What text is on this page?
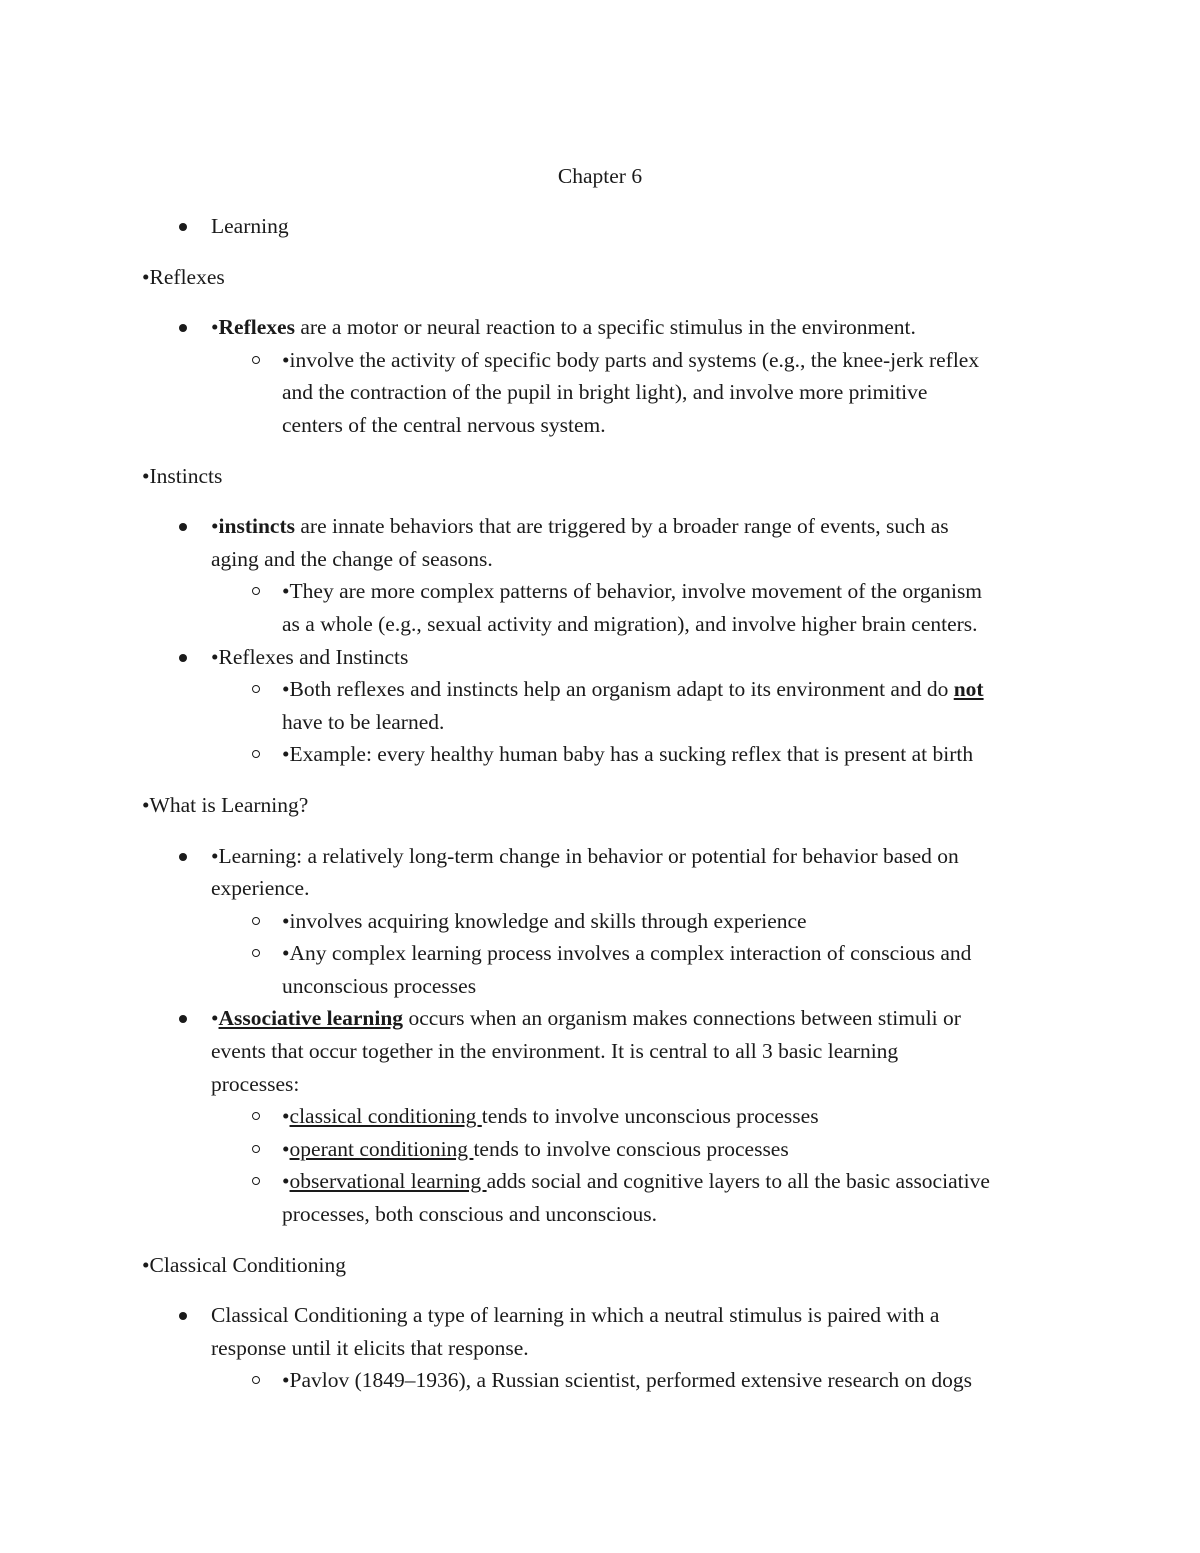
Chapter 6
Learning
•Reflexes
•Reflexes are a motor or neural reaction to a specific stimulus in the environment.
•involve the activity of specific body parts and systems (e.g., the knee-jerk reflex
and the contraction of the pupil in bright light), and involve more primitive
centers of the central nervous system.
•Instincts
•instincts are innate behaviors that are triggered by a broader range of events, such as
aging and the change of seasons.
•They are more complex patterns of behavior, involve movement of the organism
as a whole (e.g., sexual activity and migration), and involve higher brain centers.
•Reflexes and Instincts
•Both reflexes and instincts help an organism adapt to its environment and do not
have to be learned.
•Example: every healthy human baby has a sucking reflex that is present at birth
•What is Learning?
•Learning: a relatively long-term change in behavior or potential for behavior based on
experience.
•involves acquiring knowledge and skills through experience
•Any complex learning process involves a complex interaction of conscious and
unconscious processes
•Associative learning occurs when an organism makes connections between stimuli or
events that occur together in the environment. It is central to all 3 basic learning
processes:
•classical conditioning tends to involve unconscious processes
•operant conditioning tends to involve conscious processes
•observational learning adds social and cognitive layers to all the basic associative
processes, both conscious and unconscious.
•Classical Conditioning
Classical Conditioning a type of learning in which a neutral stimulus is paired with a
response until it elicits that response.
•Pavlov (1849–1936), a Russian scientist, performed extensive research on dogs
